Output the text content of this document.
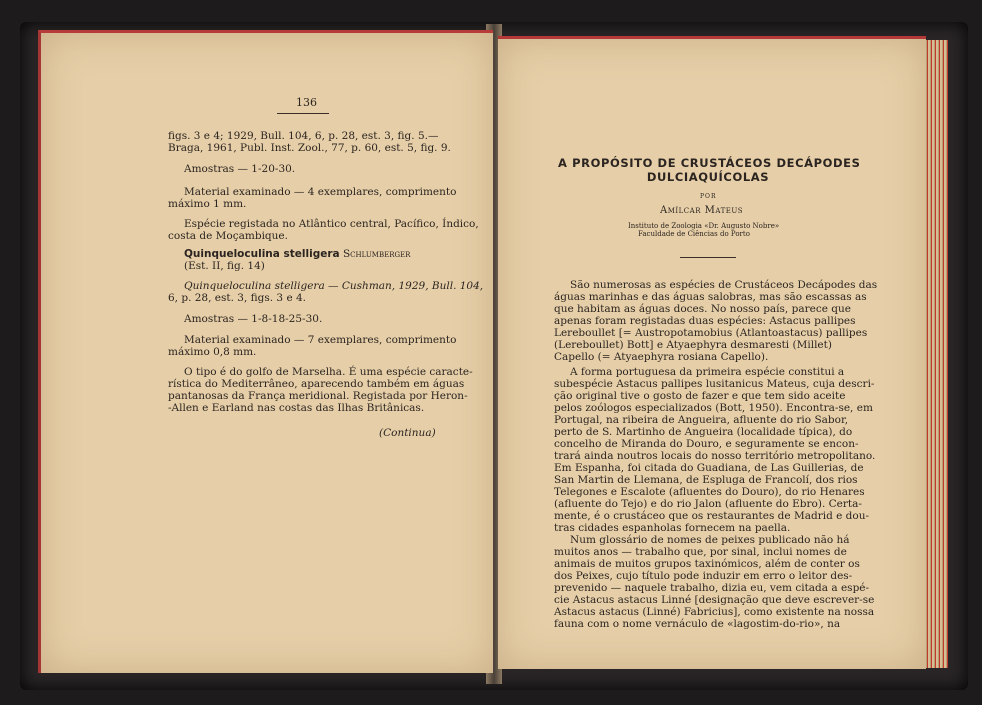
136
figs. 3 e 4; 1929, Bull. 104, 6, p. 28, est. 3, fig. 5.—
Braga, 1961, Publ. Inst. Zool., 77, p. 60, est. 5, fig. 9.
Amostras — 1-20-30.
Material examinado — 4 exemplares, comprimento
máximo 1 mm.
Espécie registada no Atlântico central, Pacífico, Índico,
costa de Moçambique.
Quinqueloculina stelligera Schlumberger
(Est. II, fig. 14)
Quinqueloculina stelligera — Cushman, 1929, Bull. 104,
6, p. 28, est. 3, figs. 3 e 4.
Amostras — 1-8-18-25-30.
Material examinado — 7 exemplares, comprimento
máximo 0,8 mm.
O tipo é do golfo de Marselha. É uma espécie caracte-
rística do Mediterrâneo, aparecendo também em águas
pantanosas da França meridional. Registada por Heron-
-Allen e Earland nas costas das Ilhas Britânicas.
(Continua)
A PROPÓSITO DE CRUSTÁCEOS DECÁPODES
DULCIAQUÍCOLAS
POR
Amílcar Mateus
Instituto de Zoologia «Dr. Augusto Nobre»
Faculdade de Ciências do Porto
São numerosas as espécies de Crustáceos Decápodes das
águas marinhas e das águas salobras, mas são escassas as
que habitam as águas doces. No nosso país, parece que
apenas foram registadas duas espécies: Astacus pallipes
Lereboullet [= Austropotamobius (Atlantoastacus) pallipes
(Lereboullet) Bott] e Atyaephyra desmaresti (Millet)
Capello (= Atyaephyra rosiana Capello).
A forma portuguesa da primeira espécie constitui a
subespécie Astacus pallipes lusitanicus Mateus, cuja descri-
ção original tive o gosto de fazer e que tem sido aceite
pelos zoólogos especializados (Bott, 1950). Encontra-se, em
Portugal, na ribeira de Angueira, afluente do rio Sabor,
perto de S. Martinho de Angueira (localidade típica), do
concelho de Miranda do Douro, e seguramente se encon-
trará ainda noutros locais do nosso território metropolitano.
Em Espanha, foi citada do Guadiana, de Las Guillerias, de
San Martin de Llemana, de Espluga de Francolí, dos rios
Telegones e Escalote (afluentes do Douro), do rio Henares
(afluente do Tejo) e do rio Jalon (afluente do Ebro). Certa-
mente, é o crustáceo que os restaurantes de Madrid e dou-
tras cidades espanholas fornecem na paella.
Num glossário de nomes de peixes publicado não há
muitos anos — trabalho que, por sinal, inclui nomes de
animais de muitos grupos taxinómicos, além de conter os
dos Peixes, cujo título pode induzir em erro o leitor des-
prevenido — naquele trabalho, dizia eu, vem citada a espé-
cie Astacus astacus Linné [designação que deve escrever-se
Astacus astacus (Linné) Fabricius], como existente na nossa
fauna com o nome vernáculo de «lagostim-do-rio», na
